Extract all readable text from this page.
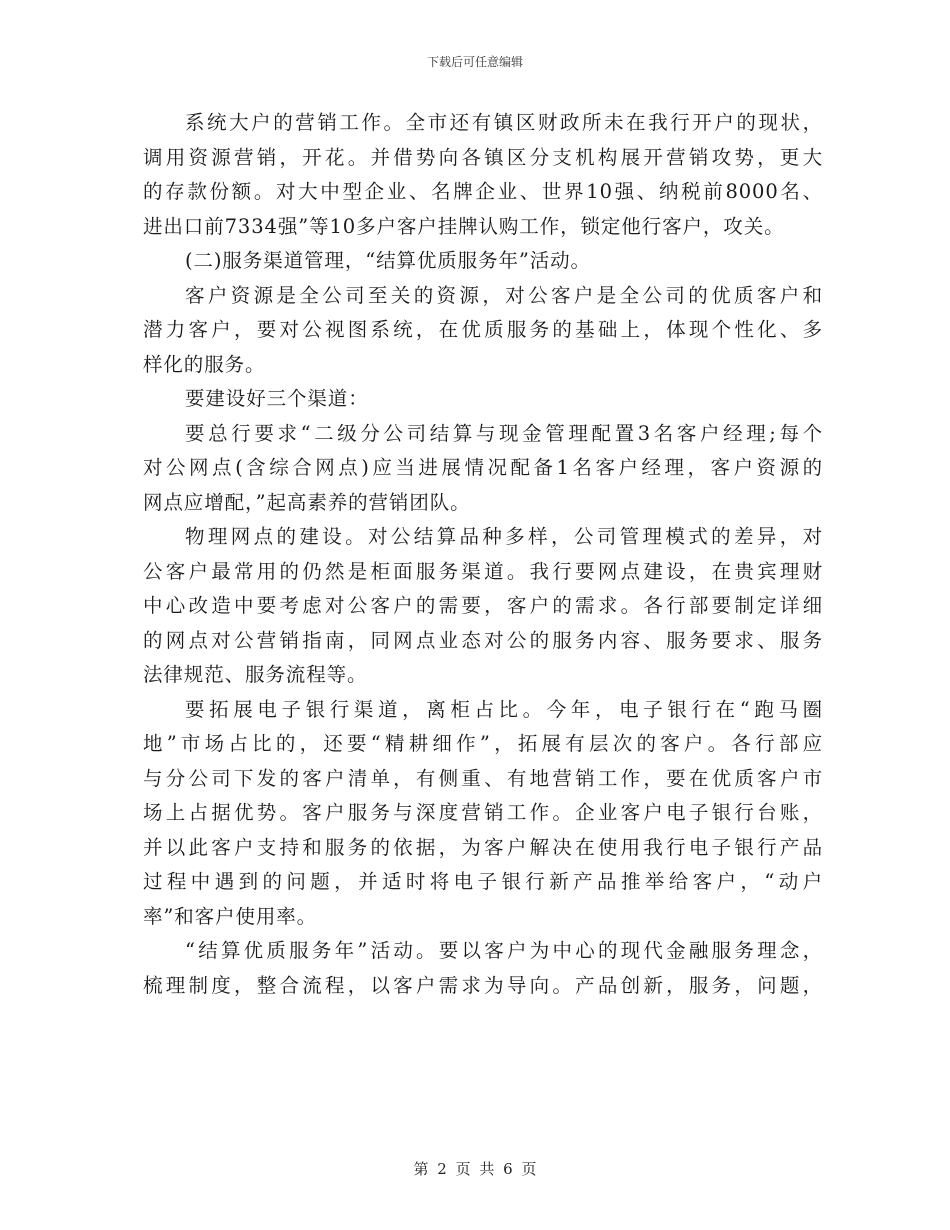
下载后可任意编辑
系统大户的营销工作。全市还有镇区财政所未在我行开户的现状，
调用资源营销，开花。并借势向各镇区分支机构展开营销攻势，更大
的存款份额。对大中型企业、名牌企业、世界10强、纳税前8000名、
进出口前7334强”等10多户客户挂牌认购工作，锁定他行客户，攻关。
(二)服务渠道管理，“结算优质服务年”活动。
客户资源是全公司至关的资源，对公客户是全公司的优质客户和
潜力客户，要对公视图系统，在优质服务的基础上，体现个性化、多
样化的服务。
要建设好三个渠道：
要总行要求“二级分公司结算与现金管理配置3名客户经理;每个
对公网点(含综合网点)应当进展情况配备1名客户经理，客户资源的
网点应增配，”起高素养的营销团队。
物理网点的建设。对公结算品种多样，公司管理模式的差异，对
公客户最常用的仍然是柜面服务渠道。我行要网点建设，在贵宾理财
中心改造中要考虑对公客户的需要，客户的需求。各行部要制定详细
的网点对公营销指南，同网点业态对公的服务内容、服务要求、服务
法律规范、服务流程等。
要拓展电子银行渠道，离柜占比。今年，电子银行在“跑马圈
地”市场占比的，还要“精耕细作”，拓展有层次的客户。各行部应
与分公司下发的客户清单，有侧重、有地营销工作，要在优质客户市
场上占据优势。客户服务与深度营销工作。企业客户电子银行台账，
并以此客户支持和服务的依据，为客户解决在使用我行电子银行产品
过程中遇到的问题，并适时将电子银行新产品推举给客户，“动户
率”和客户使用率。
“结算优质服务年”活动。要以客户为中心的现代金融服务理念，
梳理制度，整合流程，以客户需求为导向。产品创新，服务，问题，
第 2 页 共 6 页
